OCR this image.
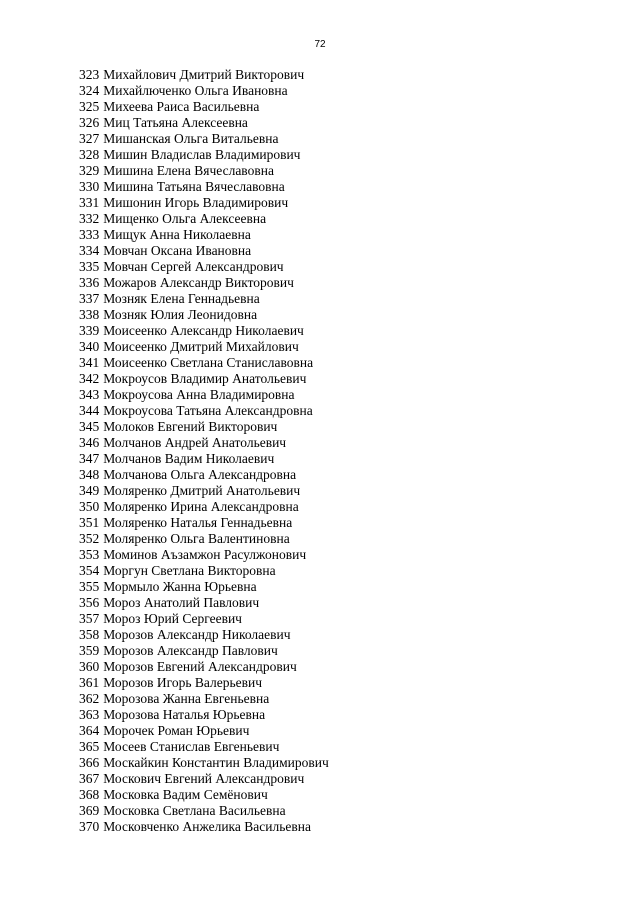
72
323 Михайлович Дмитрий Викторович
324 Михайлюченко Ольга Ивановна
325 Михеева Раиса Васильевна
326 Миц Татьяна Алексеевна
327 Мишанская Ольга Витальевна
328 Мишин Владислав Владимирович
329 Мишина Елена Вячеславовна
330 Мишина Татьяна Вячеславовна
331 Мишонин Игорь Владимирович
332 Мищенко Ольга Алексеевна
333 Мищук Анна Николаевна
334 Мовчан Оксана Ивановна
335 Мовчан Сергей Александрович
336 Можаров Александр Викторович
337 Мозняк Елена Геннадьевна
338 Мозняк Юлия Леонидовна
339 Моисеенко Александр Николаевич
340 Моисеенко Дмитрий Михайлович
341 Моисеенко Светлана Станиславовна
342 Мокроусов Владимир Анатольевич
343 Мокроусова Анна Владимировна
344 Мокроусова Татьяна Александровна
345 Молоков Евгений Викторович
346 Молчанов Андрей Анатольевич
347 Молчанов Вадим Николаевич
348 Молчанова Ольга Александровна
349 Моляренко Дмитрий Анатольевич
350 Моляренко Ирина Александровна
351 Моляренко Наталья Геннадьевна
352 Моляренко Ольга Валентиновна
353 Моминов Аъзамжон Расулжонович
354 Моргун Светлана Викторовна
355 Мормыло Жанна Юрьевна
356 Мороз Анатолий Павлович
357 Мороз Юрий Сергеевич
358 Морозов Александр Николаевич
359 Морозов Александр Павлович
360 Морозов Евгений Александрович
361 Морозов Игорь Валерьевич
362 Морозова Жанна Евгеньевна
363 Морозова Наталья Юрьевна
364 Морочек Роман Юрьевич
365 Мосеев Станислав Евгеньевич
366 Москайкин Константин Владимирович
367 Москович Евгений Александрович
368 Московка Вадим Семёнович
369 Московка Светлана Васильевна
370 Московченко Анжелика Васильевна
